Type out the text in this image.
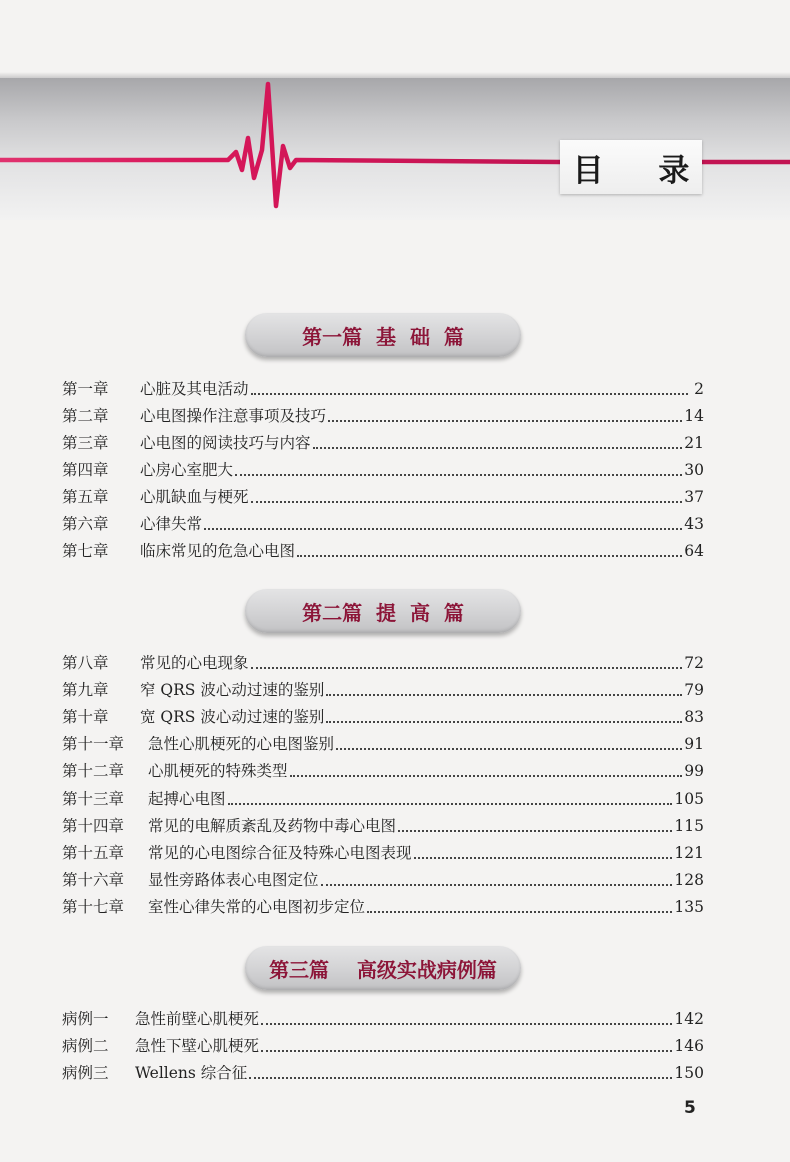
目 录
第一篇  基  础  篇
第一章	心脏及其电活动	2
第二章	心电图操作注意事项及技巧	14
第三章	心电图的阅读技巧与内容	21
第四章	心房心室肥大	30
第五章	心肌缺血与梗死	37
第六章	心律失常	43
第七章	临床常见的危急心电图	64
第二篇  提  高  篇
第八章	常见的心电现象	72
第九章	窄 QRS 波心动过速的鉴别	79
第十章	宽 QRS 波心动过速的鉴别	83
第十一章	急性心肌梗死的心电图鉴别	91
第十二章	心肌梗死的特殊类型	99
第十三章	起搏心电图	105
第十四章	常见的电解质紊乱及药物中毒心电图	115
第十五章	常见的心电图综合征及特殊心电图表现	121
第十六章	显性旁路体表心电图定位	128
第十七章	室性心律失常的心电图初步定位	135
第三篇    高级实战病例篇
病例一	急性前壁心肌梗死	142
病例二	急性下壁心肌梗死	146
病例三	Wellens 综合征	150
5
